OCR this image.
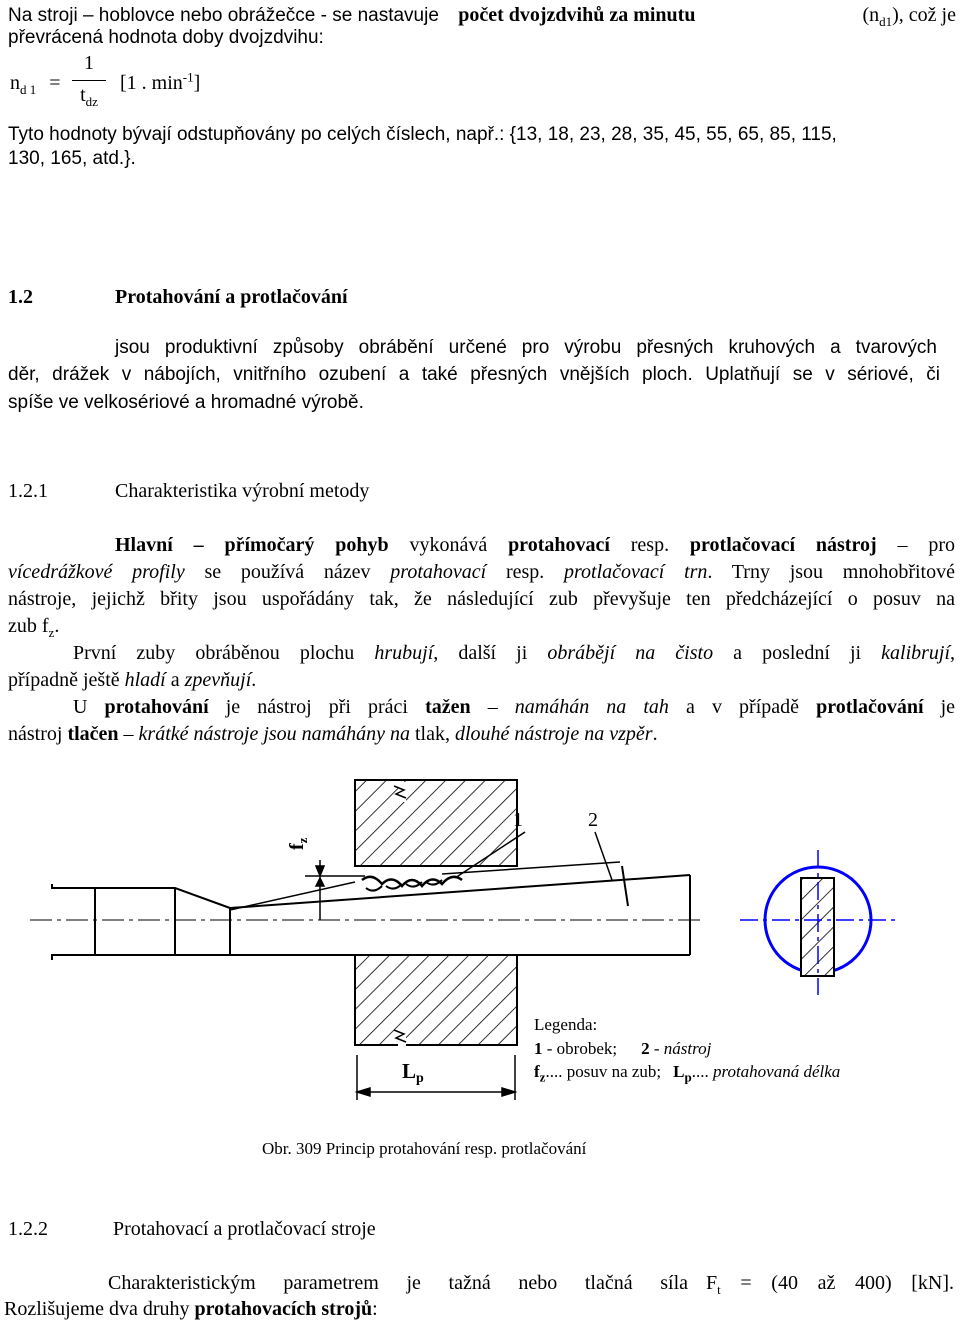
Na stroji – hoblovce nebo obrážečce - se nastavuje počet dvojzdvihů za minutu	$(n_{d1})$, což je
převrácená hodnota doby dvojzdvihu:
$n_{d 1}$ =
1
$t_{dz}$
[1 . $\min^{-1}$]
Tyto hodnoty bývají odstupňovány po celých číslech, např.: {13, 18, 23, 28, 35, 45, 55, 65, 85, 115,
130, 165, atd.}.
1.2	Protahování a protlačování
jsou produktivní způsoby obrábění určené pro výrobu přesných kruhových a tvarových
děr, drážek v nábojích, vnitřního ozubení a také přesných vnějších ploch. Uplatňují se v sériové, či
spíše ve velkosériové a hromadné výrobě.
1.2.1	Charakteristika výrobní metody
Hlavní – přímočarý pohyb vykonává protahovací resp. protlačovací nástroj – pro
vícedrážkové profily se používá název protahovací resp. protlačovací trn. Trny jsou mnohobřitové
nástroje, jejichž břity jsou uspořádány tak, že následující zub převyšuje ten předcházející o posuv na
zub $f_z$.
První zuby obráběnou plochu hrubují, další ji obrábějí na čisto a poslední ji kalibrují,
případně ještě hladí a zpevňují.
U protahování je nástroj při práci tažen – namáhán na tah a v případě protlačování je
nástroj tlačen – krátké nástroje jsou namáhány na tlak, dlouhé nástroje na vzpěr.
$f_z$
1	2
Lp
Legenda:
1 - obrobek; 2 - nástroj
$f_z$.... posuv na zub; $L_p$.... protahovaná délka
Obr. 309 Princip protahování resp. protlačování
1.2.2	Protahovací a protlačovací stroje
Charakteristickým parametrem je tažná nebo tlačná síla $F_t = (40$ až 400) [kN].
Rozlišujeme dva druhy protahovacích strojů:
